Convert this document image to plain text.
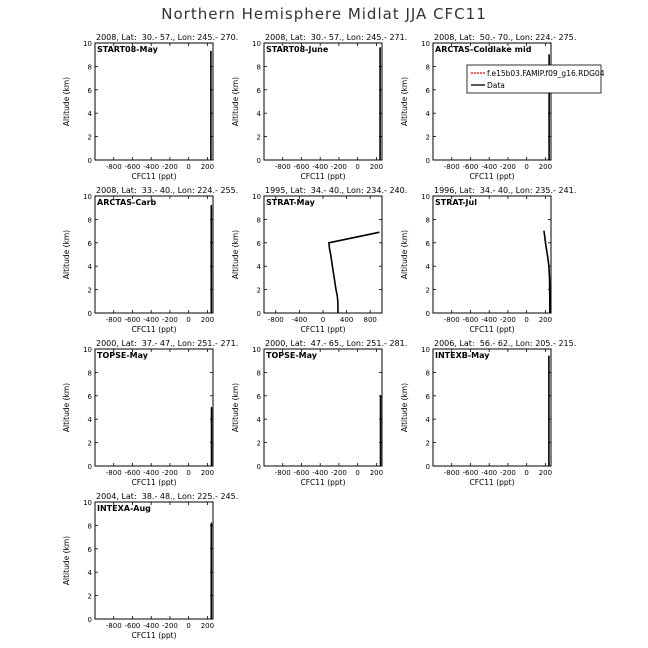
Northern Hemisphere Midlat JJA CFC11
2008, Lat:  30.- 57., Lon: 245.- 270.
START08-May
0
2
4
6
8
10
-800 -600 -400 -200 0 200
CFC11 (ppt)
Altitude (km)
2008, Lat:  30.- 57., Lon: 245.- 271.
START08-June
0
2
4
6
8
10
-800 -600 -400 -200 0 200
CFC11 (ppt)
Altitude (km)
2008, Lat:  50.- 70., Lon: 224.- 275.
ARCTAS-Coldlake mid
0
2
4
6
8
10
-800 -600 -400 -200 0 200
CFC11 (ppt)
Altitude (km)
f.e15b03.FAMIP.f09_g16.RDG04
Data
2008, Lat:  33.- 40., Lon: 224.- 255.
ARCTAS-Carb
0
2
4
6
8
10
-800 -600 -400 -200 0 200
CFC11 (ppt)
Altitude (km)
1995, Lat:  34.- 40., Lon: 234.- 240.
STRAT-May
0
2
4
6
8
10
-800 -400 0 400 800
CFC11 (ppt)
Altitude (km)
1996, Lat:  34.- 40., Lon: 235.- 241.
STRAT-Jul
0
2
4
6
8
10
-800 -600 -400 -200 0 200
CFC11 (ppt)
Altitude (km)
2000, Lat:  37.- 47., Lon: 251.- 271.
TOPSE-May
0
2
4
6
8
10
-800 -600 -400 -200 0 200
CFC11 (ppt)
Altitude (km)
2000, Lat:  47.- 65., Lon: 251.- 281.
TOPSE-May
0
2
4
6
8
10
-800 -600 -400 -200 0 200
CFC11 (ppt)
Altitude (km)
2006, Lat:  56.- 62., Lon: 205.- 215.
INTEXB-May
0
2
4
6
8
10
-800 -600 -400 -200 0 200
CFC11 (ppt)
Altitude (km)
2004, Lat:  38.- 48., Lon: 225.- 245.
INTEXA-Aug
0
2
4
6
8
10
-800 -600 -400 -200 0 200
CFC11 (ppt)
Altitude (km)
